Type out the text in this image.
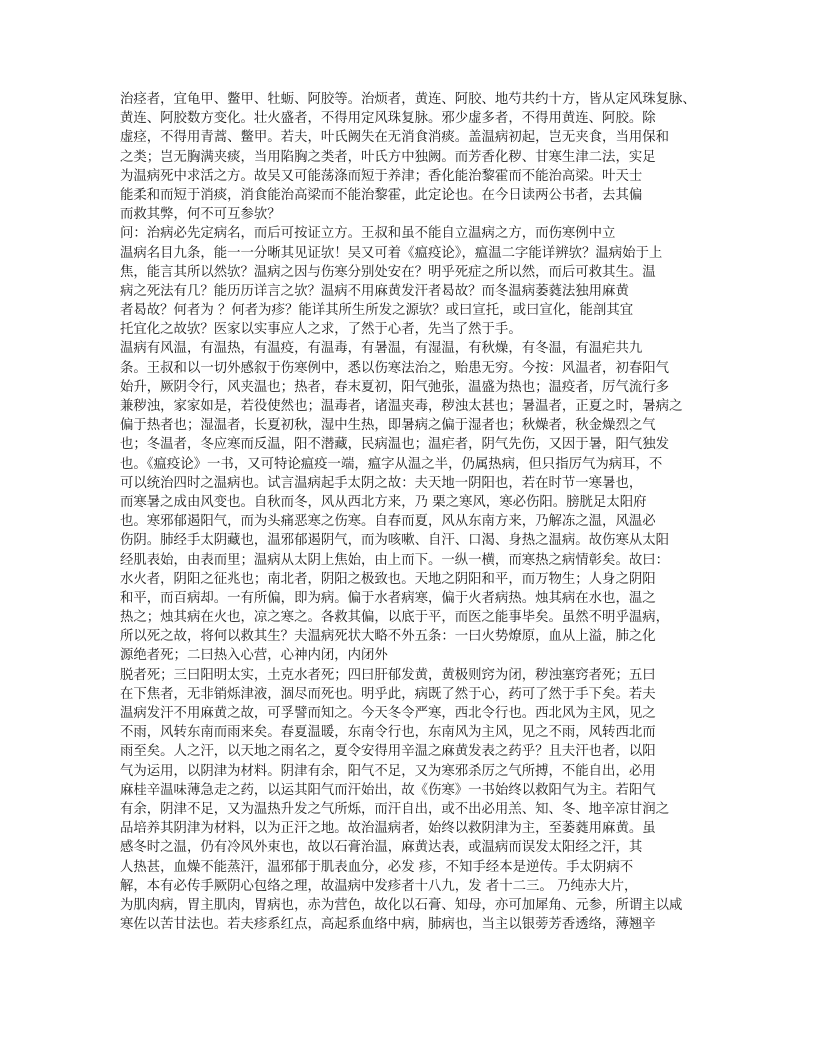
治痉者，宜龟甲、鳖甲、牡蛎、阿胶等。治烦者，黄连、阿胶、地芍共约十方，皆从定风珠复脉、
黄连、阿胶数方变化。壮火盛者，不得用定风珠复脉。邪少虚多者，不得用黄连、阿胶。除
虚痉，不得用青蒿、鳖甲。若夫，叶氏阙失在无消食消痰。盖温病初起，岂无夹食，当用保和
之类；岂无胸满夹痰，当用陷胸之类者，叶氏方中独阙。而芳香化秽、甘寒生津二法，实足
为温病死中求活之方。故吴又可能荡涤而短于养津；香化能治黎霍而不能治高梁。叶天士
能柔和而短于消痰，消食能治高梁而不能治黎霍，此定论也。在今日读两公书者，去其偏
而救其弊，何不可互参欤？
问：治病必先定病名，而后可按证立方。王叔和虽不能自立温病之方，而伤寒例中立
温病名目九条，能一一分晰其见证欤！吴又可着《瘟疫论》，瘟温二字能详辨欤？温病始于上
焦，能言其所以然欤？温病之因与伤寒分别处安在？明乎死症之所以然，而后可救其生。温
病之死法有几？能历历详言之欤？温病不用麻黄发汗者曷故？而冬温病萎蕤法独用麻黄
者曷故？何者为 ？何者为疹？能详其所生所发之源欤？或曰宣托，或曰宣化，能剖其宜
托宜化之故欤？医家以实事应人之求，了然于心者，先当了然于手。
温病有风温，有温热，有温疫，有温毒，有暑温，有湿温，有秋燥，有冬温，有温疟共九
条。王叔和以一切外感叙于伤寒例中，悉以伤寒法治之，贻患无穷。今按：风温者，初春阳气
始升，厥阴令行，风夹温也；热者，春末夏初，阳气弛张，温盛为热也；温疫者，厉气流行多
兼秽浊，家家如是，若役使然也；温毒者，诸温夹毒，秽浊太甚也；暑温者，正夏之时，暑病之
偏于热者也；湿温者，长夏初秋，湿中生热，即暑病之偏于湿者也；秋燥者，秋金燥烈之气
也；冬温者，冬应寒而反温，阳不潜藏，民病温也；温疟者，阴气先伤，又因于暑，阳气独发
也。《瘟疫论》一书，又可特论瘟疫一端，瘟字从温之半，仍属热病，但只指厉气为病耳，不
可以统治四时之温病也。试言温病起手太阴之故：夫天地一阴阳也，若在时节一寒暑也，
而寒暑之成由风变也。自秋而冬，风从西北方来，乃 栗之寒风，寒必伤阳。膀胱足太阳府
也。寒邪郁遏阳气，而为头痛恶寒之伤寒。自春而夏，风从东南方来，乃解冻之温，风温必
伤阴。肺经手太阴藏也，温邪郁遏阴气，而为咳嗽、自汗、口渴、身热之温病。故伤寒从太阳
经肌表始，由表而里；温病从太阴上焦始，由上而下。一纵一横，而寒热之病情彰矣。故曰：
水火者，阴阳之征兆也；南北者，阴阳之极致也。天地之阴阳和平，而万物生；人身之阴阳
和平，而百病却。一有所偏，即为病。偏于水者病寒，偏于火者病热。烛其病在水也，温之
热之；烛其病在火也，凉之寒之。各救其偏，以底于平，而医之能事毕矣。虽然不明乎温病，
所以死之故，将何以救其生？夫温病死状大略不外五条：一曰火势燎原，血从上溢，肺之化
源绝者死；二曰热入心营，心神内闭，内闭外
脱者死；三曰阳明太实，土克水者死；四曰肝郁发黄，黄极则窍为闭，秽浊塞窍者死；五曰
在下焦者，无非销烁津液，涸尽而死也。明乎此，病既了然于心，药可了然于手下矣。若夫
温病发汗不用麻黄之故，可孚譬而知之。今天冬令严寒，西北令行也。西北风为主风，见之
不雨，风转东南而雨来矣。春夏温暖，东南令行也，东南风为主风，见之不雨，风转西北而
雨至矣。人之汗，以天地之雨名之，夏令安得用辛温之麻黄发表之药乎？且夫汗也者，以阳
气为运用，以阴津为材料。阴津有余，阳气不足，又为寒邪杀厉之气所搏，不能自出，必用
麻桂辛温味薄急走之药，以运其阳气而汗始出，故《伤寒》一书始终以救阳气为主。若阳气
有余，阴津不足，又为温热升发之气所烁，而汗自出，或不出必用羔、知、冬、地辛凉甘润之
品培养其阴津为材料，以为正汗之地。故治温病者，始终以救阴津为主，至萎蕤用麻黄。虽
感冬时之温，仍有冷风外束也，故以石膏治温，麻黄达表，或温病而误发太阳经之汗，其
人热甚，血燥不能蒸汗，温邪郁于肌表血分，必发 疹，不知手经本是逆传。手太阴病不
解，本有必传手厥阴心包络之理，故温病中发疹者十八九，发 者十二三。 乃纯赤大片，
为肌肉病，胃主肌肉，胃病也，赤为营色，故化以石膏、知母，亦可加犀角、元参，所谓主以咸
寒佐以苦甘法也。若夫疹系红点，高起系血络中病，肺病也，当主以银蒡芳香透络，薄翘辛
